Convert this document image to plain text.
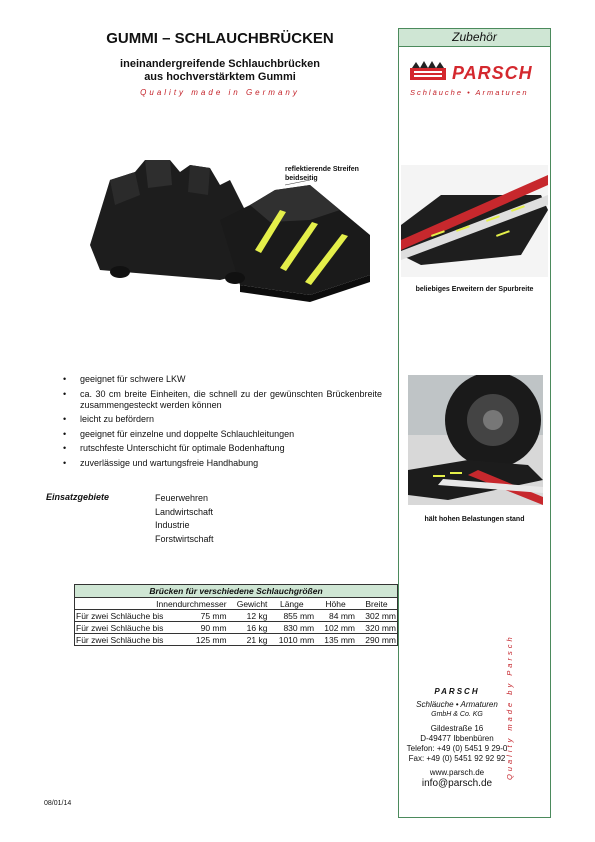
GUMMI – SCHLAUCHBRÜCKEN
ineinandergreifende Schlauchbrücken
aus hochverstärktem Gummi
Quality made in Germany
Zubehör
PARSCH
Schläuche • Armaturen
reflektierende Streifen
beidseitig
beliebiges Erweitern der Spurbreite
hält hohen Belastungen stand
• geeignet für schwere LKW
• ca. 30 cm breite Einheiten, die schnell zu der gewünschten Brückenbreite zusammengesteckt werden können
• leicht zu befördern
• geeignet für einzelne und doppelte Schlauchleitungen
• rutschfeste Unterschicht für optimale Bodenhaftung
• zuverlässige und wartungsfreie Handhabung
Einsatzgebiete	Feuerwehren
Landwirtschaft
Industrie
Forstwirtschaft
Brücken für verschiedene Schlauchgrößen					
Innendurchmesser		Gewicht	Länge	Höhe	Breite
Für zwei Schläuche bis	75 mm	12 kg	855 mm	84 mm	302 mm
Für zwei Schläuche bis	90 mm	16 kg	830 mm	102 mm	320 mm
Für zwei Schläuche bis	125 mm	21 kg	1010 mm	135 mm	290 mm
PARSCH
Schläuche • Armaturen
GmbH & Co. KG
Gildestraße 16
D-49477 Ibbenbüren
Telefon: +49 (0) 5451 9 29-0
Fax: +49 (0) 5451 92 92 92
www.parsch.de
info@parsch.de
Quality made by Parsch
08/01/14
